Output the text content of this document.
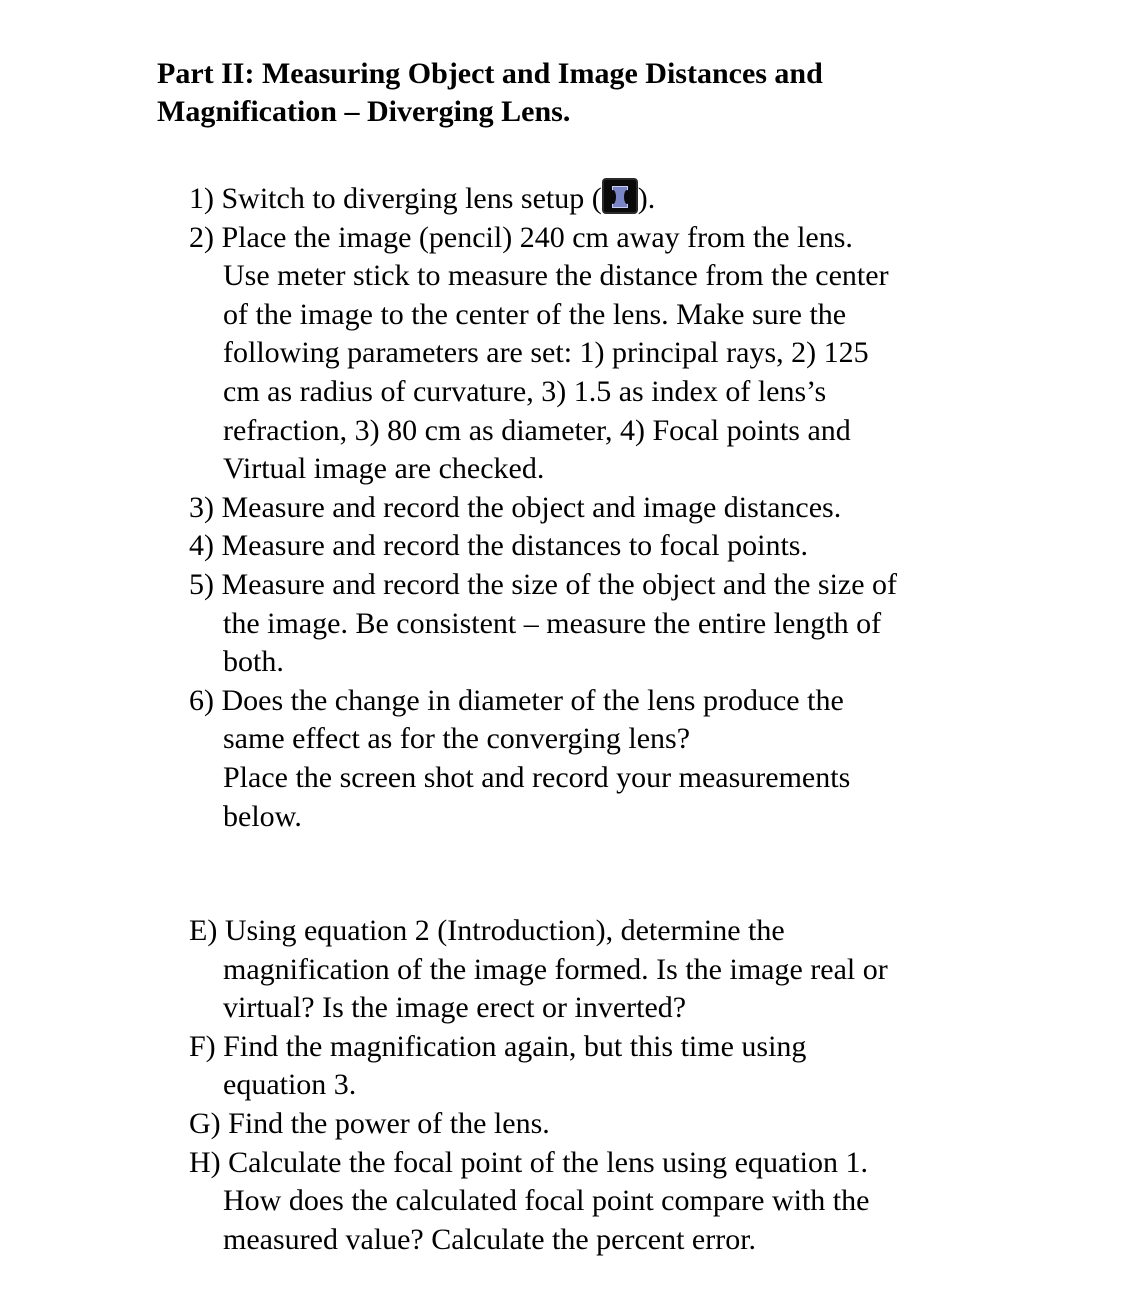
Part II: Measuring Object and Image Distances and
Magnification – Diverging Lens.
1) Switch to diverging lens setup ( ).
2) Place the image (pencil) 240 cm away from the lens.
Use meter stick to measure the distance from the center
of the image to the center of the lens. Make sure the
following parameters are set: 1) principal rays, 2) 125
cm as radius of curvature, 3) 1.5 as index of lens’s
refraction, 3) 80 cm as diameter, 4) Focal points and
Virtual image are checked.
3) Measure and record the object and image distances.
4) Measure and record the distances to focal points.
5) Measure and record the size of the object and the size of
the image. Be consistent – measure the entire length of
both.
6) Does the change in diameter of the lens produce the
same effect as for the converging lens?
Place the screen shot and record your measurements
below.
E) Using equation 2 (Introduction), determine the
magnification of the image formed. Is the image real or
virtual? Is the image erect or inverted?
F) Find the magnification again, but this time using
equation 3.
G) Find the power of the lens.
H) Calculate the focal point of the lens using equation 1.
How does the calculated focal point compare with the
measured value? Calculate the percent error.
